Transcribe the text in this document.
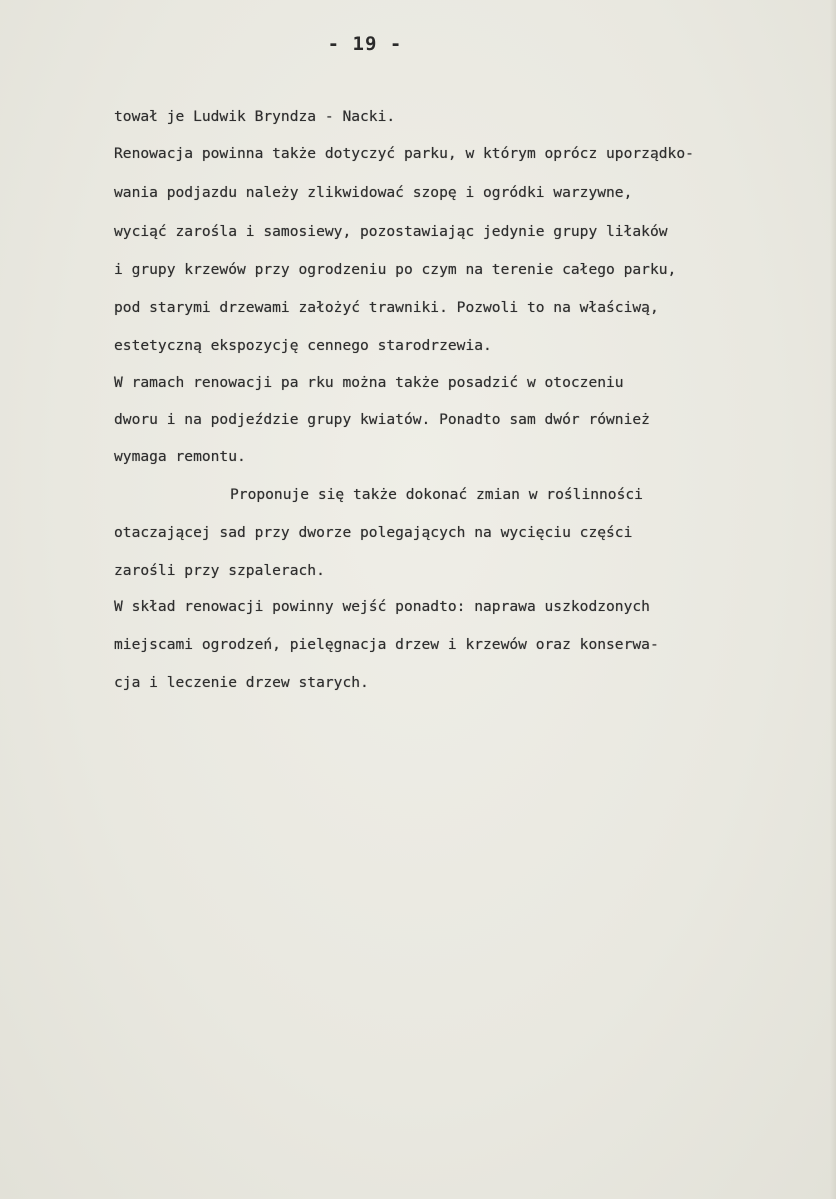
- 19 -
tował je Ludwik Bryndza - Nacki.
Renowacja powinna także dotyczyć parku, w którym oprócz uporządko-
wania podjazdu należy zlikwidować szopę i ogródki warzywne,
wyciąć zarośla i samosiewy, pozostawiając jedynie grupy liłaków
i grupy krzewów przy ogrodzeniu po czym na terenie całego parku,
pod starymi drzewami założyć trawniki. Pozwoli to na właściwą,
estetyczną ekspozycję cennego starodrzewia.
W ramach renowacji pa rku można także posadzić w otoczeniu
dworu i na podjeździe grupy kwiatów. Ponadto sam dwór również
wymaga remontu.
Proponuje się także dokonać zmian w roślinności
otaczającej sad przy dworze polegających na wycięciu części
zarośli przy szpalerach.
W skład renowacji powinny wejść ponadto: naprawa uszkodzonych
miejscami ogrodzeń, pielęgnacja drzew i krzewów oraz konserwa-
cja i leczenie drzew starych.
